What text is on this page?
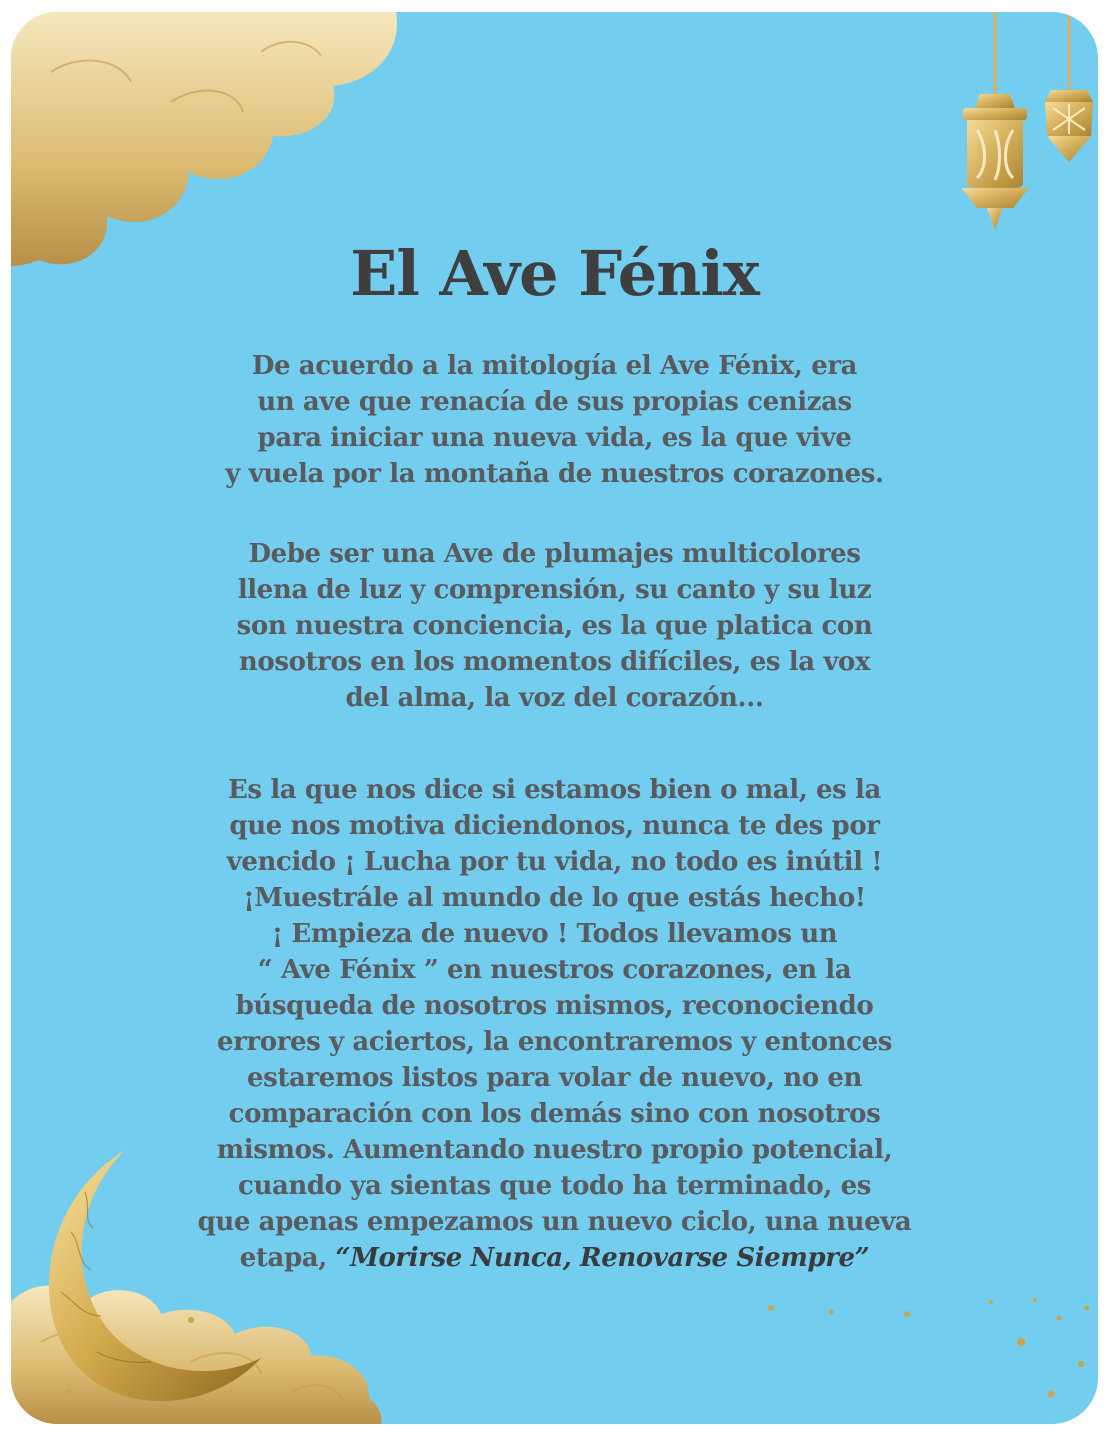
El Ave Fénix

De acuerdo a la mitología el Ave Fénix, era
un ave que renacía de sus propias cenizas
para iniciar una nueva vida, es la que vive
y vuela por la montaña de nuestros corazones.

Debe ser una Ave de plumajes multicolores
llena de luz y comprensión, su canto y su luz
son nuestra conciencia, es la que platica con
nosotros en los momentos difíciles, es la vox
del alma, la voz del corazón...

Es la que nos dice si estamos bien o mal, es la
que nos motiva diciendonos, nunca te des por
vencido ¡ Lucha por tu vida, no todo es inútil !
¡Muestrále al mundo de lo que estás hecho!
¡ Empieza de nuevo ! Todos llevamos un
“ Ave Fénix ” en nuestros corazones, en la
búsqueda de nosotros mismos, reconociendo
errores y aciertos, la encontraremos y entonces
estaremos listos para volar de nuevo, no en
comparación con los demás sino con nosotros
mismos. Aumentando nuestro propio potencial,
cuando ya sientas que todo ha terminado, es
que apenas empezamos un nuevo ciclo, una nueva
etapa, “Morirse Nunca, Renovarse Siempre”
